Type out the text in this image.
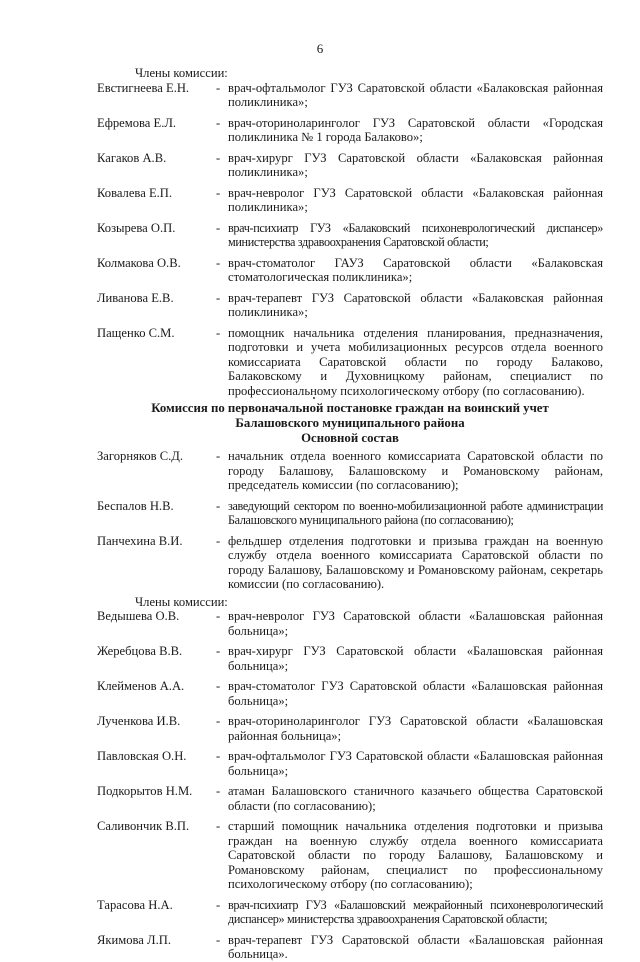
6
Члены комиссии:
Евстигнеева Е.Н.	- врач-офтальмолог ГУЗ Саратовской области «Балаковская районная поликлиника»;
Ефремова Е.Л.	- врач-оториноларинголог ГУЗ Саратовской области «Городская поликлиника № 1 города Балаково»;
Кагаков А.В.	- врач-хирург ГУЗ Саратовской области «Балаковская районная поликлиника»;
Ковалева Е.П.	- врач-невролог ГУЗ Саратовской области «Балаковская районная поликлиника»;
Козырева О.П.	- врач-психиатр ГУЗ «Балаковский психоневрологический диспансер» министерства здравоохранения Саратовской области;
Колмакова О.В.	- врач-стоматолог ГАУЗ Саратовской области «Балаковская стоматологическая поликлиника»;
Ливанова Е.В.	- врач-терапевт ГУЗ Саратовской области «Балаковская районная поликлиника»;
Пащенко С.М.	- помощник начальника отделения планирования, предназначения, подготовки и учета мобилизационных ресурсов отдела военного комиссариата Саратовской области по городу Балаково, Балаковскому и Духовницкому районам, специалист по профессиональному психологическому отбору (по согласованию).
Комиссия по первоначальной постановке граждан на воинский учет
Балашовского муниципального района
Основной состав
Загорняков С.Д.	- начальник отдела военного комиссариата Саратовской области по городу Балашову, Балашовскому и Романовскому районам, председатель комиссии (по согласованию);
Беспалов Н.В.	- заведующий сектором по военно-мобилизационной работе администрации Балашовского муниципального района (по согласованию);
Панчехина В.И.	- фельдшер отделения подготовки и призыва граждан на военную службу отдела военного комиссариата Саратовской области по городу Балашову, Балашовскому и Романовскому районам, секретарь комиссии (по согласованию).
Члены комиссии:
Ведышева О.В.	- врач-невролог ГУЗ Саратовской области «Балашовская районная больница»;
Жеребцова В.В.	- врач-хирург ГУЗ Саратовской области «Балашовская районная больница»;
Клейменов А.А.	- врач-стоматолог ГУЗ Саратовской области «Балашовская районная больница»;
Лученкова И.В.	- врач-оториноларинголог ГУЗ Саратовской области «Балашовская районная больница»;
Павловская О.Н.	- врач-офтальмолог ГУЗ Саратовской области «Балашовская районная больница»;
Подкорытов Н.М.	- атаман Балашовского станичного казачьего общества Саратовской области (по согласованию);
Саливончик В.П.	- старший помощник начальника отделения подготовки и призыва граждан на военную службу отдела военного комиссариата Саратовской области по городу Балашову, Балашовскому и Романовскому районам, специалист по профессиональному психологическому отбору (по согласованию);
Тарасова Н.А.	- врач-психиатр ГУЗ «Балашовский межрайонный психоневрологический диспансер» министерства здравоохранения Саратовской области;
Якимова Л.П.	- врач-терапевт ГУЗ Саратовской области «Балашовская районная больница».
